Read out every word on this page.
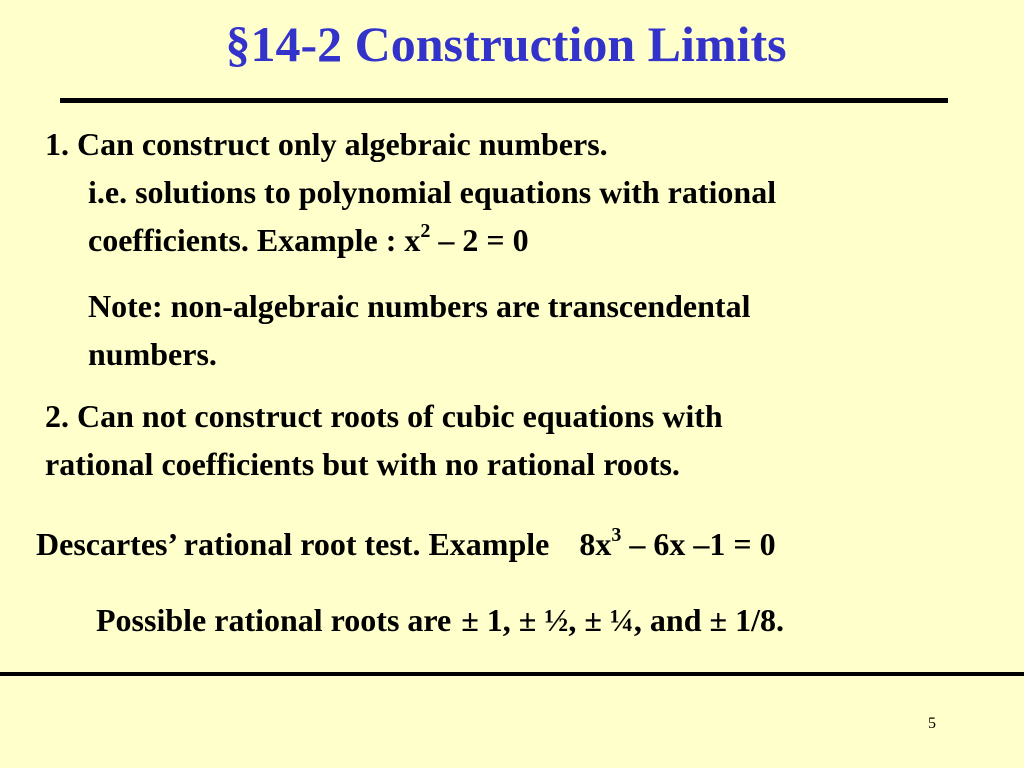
§14-2 Construction Limits
1. Can construct only algebraic numbers.
i.e. solutions to polynomial equations with rational
coefficients. Example : $x^2 - 2 = 0$
Note: non-algebraic numbers are transcendental
numbers.
2. Can not construct roots of cubic equations with
rational coefficients but with no rational roots.
Descartes’ rational root test. Example $8x^3 - 6x$ –1 = 0
Possible rational roots are ± 1, ± ½, ± ¼, and ± 1/8.
5
